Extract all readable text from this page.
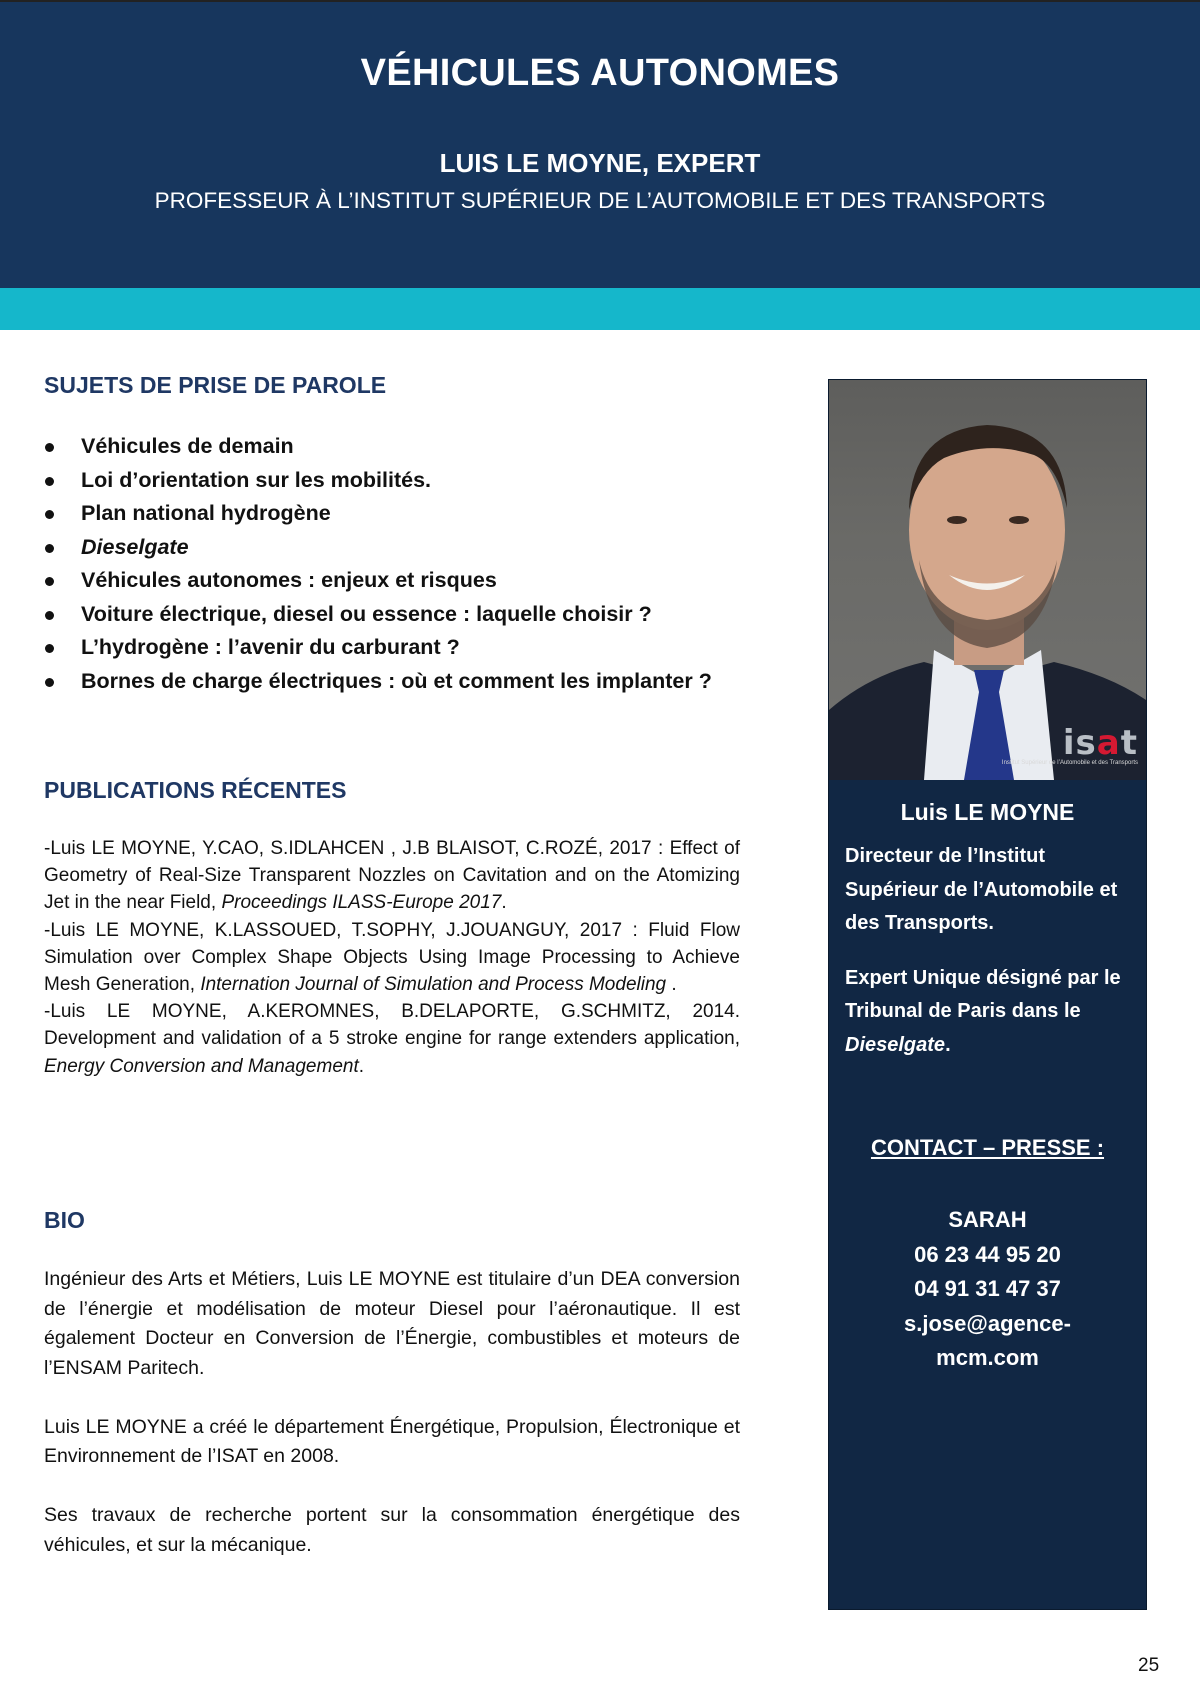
VÉHICULES AUTONOMES
LUIS LE MOYNE, EXPERT
PROFESSEUR À L’INSTITUT SUPÉRIEUR DE L’AUTOMOBILE ET DES TRANSPORTS
SUJETS DE PRISE DE PAROLE
Véhicules de demain
Loi d’orientation sur les mobilités.
Plan national hydrogène
Dieselgate
Véhicules autonomes : enjeux et risques
Voiture électrique, diesel ou essence : laquelle choisir ?
L’hydrogène : l’avenir du carburant ?
Bornes de charge électriques : où et comment les implanter ?
PUBLICATIONS RÉCENTES

-Luis LE MOYNE, Y.CAO, S.IDLAHCEN , J.B BLAISOT, C.ROZÉ, 2017 : Effect of Geometry of Real-Size Transparent Nozzles on Cavitation and on the Atomizing Jet in the near Field, Proceedings ILASS-Europe 2017.

-Luis LE MOYNE, K.LASSOUED, T.SOPHY, J.JOUANGUY, 2017 : Fluid Flow Simulation over Complex Shape Objects Using Image Processing to Achieve Mesh Generation, Internation Journal of Simulation and Process Modeling .

-Luis LE MOYNE, A.KEROMNES, B.DELAPORTE, G.SCHMITZ, 2014. Development and validation of a 5 stroke engine for range extenders application, Energy Conversion and Management.

BIO

Ingénieur des Arts et Métiers, Luis LE MOYNE est titulaire d’un DEA conversion de l’énergie et modélisation de moteur Diesel pour l’aéronautique. Il est également Docteur en Conversion de l’Énergie, combustibles et moteurs de l’ENSAM Paritech.

Luis LE MOYNE a créé le département Énergétique, Propulsion, Électronique et Environnement de l’ISAT en 2008.

Ses travaux de recherche portent sur la consommation énergétique des véhicules, et sur la mécanique.

isat
Institut Supérieur de l’Automobile et des Transports
Luis LE MOYNE

Directeur de l’Institut Supérieur de l’Automobile et des Transports.

Expert Unique désigné par le Tribunal de Paris dans le Dieselgate.

CONTACT – PRESSE :
SARAH
06 23 44 95 20
04 91 31 47 37
s.jose@agence-
mcm.com
25
